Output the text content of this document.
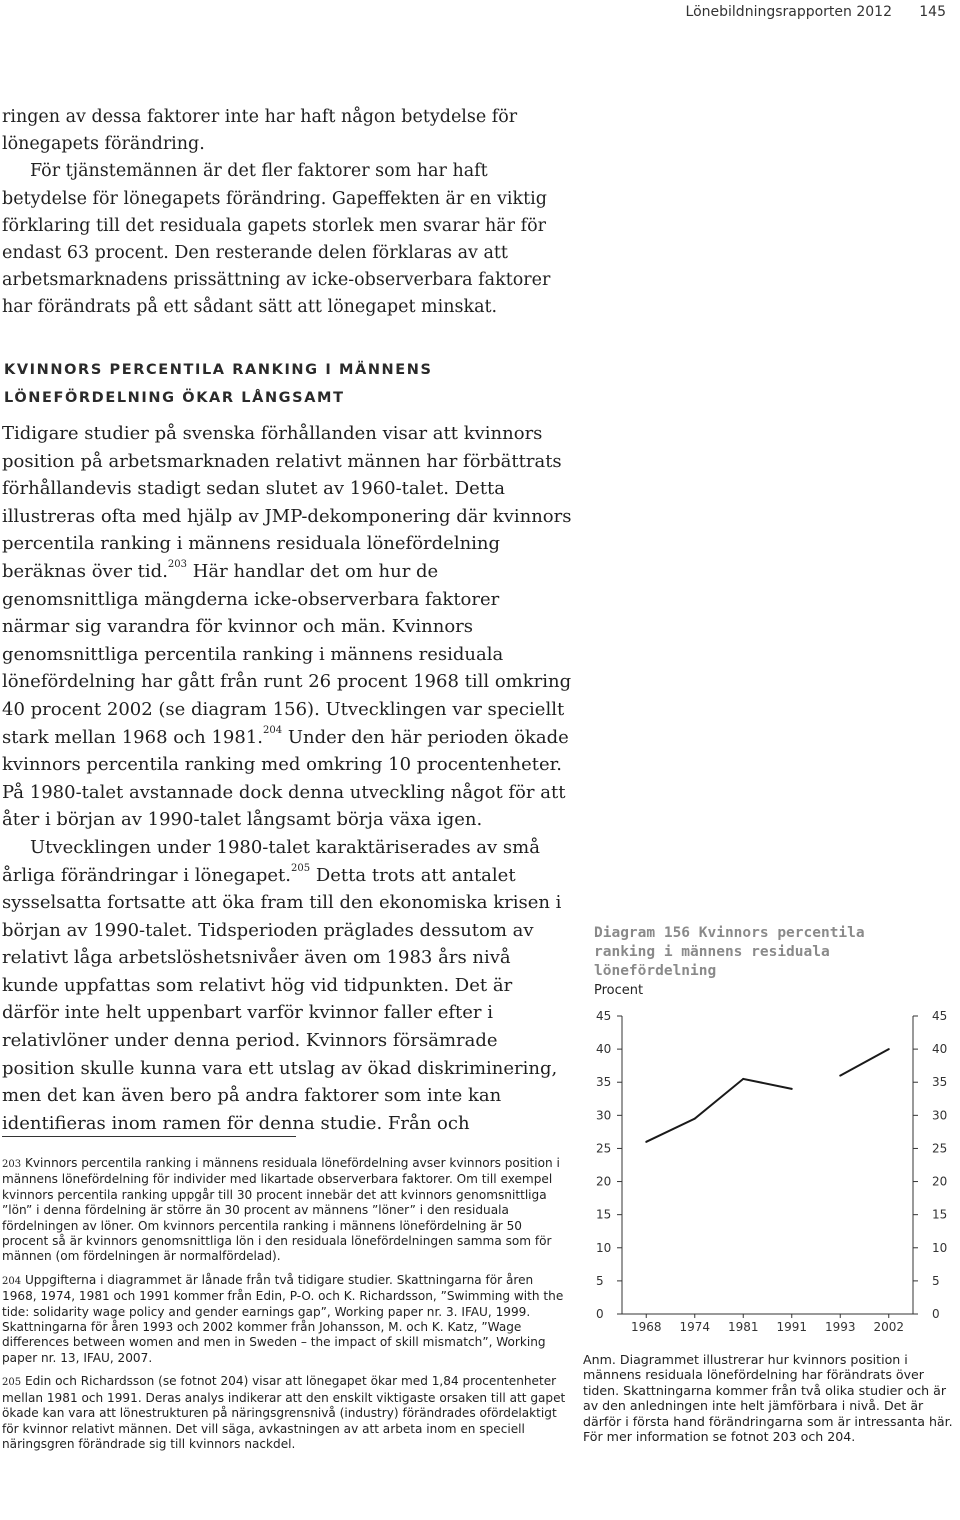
Lönebildningsrapporten 2012 145

ringen av dessa faktorer inte har haft någon betydelse för lönegapets förändring.

För tjänstemännen är det fler faktorer som har haft betydelse för lönegapets förändring. Gapeffekten är en viktig förklaring till det residuala gapets storlek men svarar här för endast 63 procent. Den resterande delen förklaras av att arbetsmarknadens prissättning av icke-observerbara faktorer har förändrats på ett sådant sätt att lönegapet minskat.

KVINNORS PERCENTILA RANKING I MÄNNENS
LÖNEFÖRDELNING ÖKAR LÅNGSAMT

Tidigare studier på svenska förhållanden visar att kvinnors position på arbetsmarknaden relativt männen har förbättrats förhållandevis stadigt sedan slutet av 1960-talet. Detta illustreras ofta med hjälp av JMP-dekomponering där kvinnors percentila ranking i männens residuala lönefördelning beräknas över tid.$^{203}$ Här handlar det om hur de genomsnittliga mängderna icke-observerbara faktorer närmar sig varandra för kvinnor och män. Kvinnors genomsnittliga percentila ranking i männens residuala lönefördelning har gått från runt 26 procent 1968 till omkring 40 procent 2002 (se diagram 156). Utvecklingen var speciellt stark mellan 1968 och 1981.$^{204}$ Under den här perioden ökade kvinnors percentila ranking med omkring 10 procentenheter. På 1980-talet avstannade dock denna utveckling något för att åter i början av 1990-talet långsamt börja växa igen.

Utvecklingen under 1980-talet karaktäriserades av små årliga förändringar i lönegapet.$^{205}$ Detta trots att antalet sysselsatta fortsatte att öka fram till den ekonomiska krisen i början av 1990-talet. Tidsperioden präglades dessutom av relativt låga arbetslöshetsnivåer även om 1983 års nivå kunde uppfattas som relativt hög vid tidpunkten. Det är därför inte helt uppenbart varför kvinnor faller efter i relativlöner under denna period. Kvinnors försämrade position skulle kunna vara ett utslag av ökad diskriminering, men det kan även bero på andra faktorer som inte kan identifieras inom ramen för denna studie. Från och

203 Kvinnors percentila ranking i männens residuala lönefördelning avser kvinnors position i männens lönefördelning för individer med likartade observerbara faktorer. Om till exempel kvinnors percentila ranking uppgår till 30 procent innebär det att kvinnors genomsnittliga ”lön” i denna fördelning är större än 30 procent av männens ”löner” i den residuala fördelningen av löner. Om kvinnors percentila ranking i männens lönefördelning är 50 procent så är kvinnors genomsnittliga lön i den residuala lönefördelningen samma som för männen (om fördelningen är normalfördelad).

204 Uppgifterna i diagrammet är lånade från två tidigare studier. Skattningarna för åren 1968, 1974, 1981 och 1991 kommer från Edin, P-O. och K. Richardsson, ”Swimming with the tide: solidarity wage policy and gender earnings gap”, Working paper nr. 3. IFAU, 1999. Skattningarna för åren 1993 och 2002 kommer från Johansson, M. och K. Katz, ”Wage differences between women and men in Sweden – the impact of skill mismatch”, Working paper nr. 13, IFAU, 2007.

205 Edin och Richardsson (se fotnot 204) visar att lönegapet ökar med 1,84 procentenheter mellan 1981 och 1991. Deras analys indikerar att den enskilt viktigaste orsaken till att gapet ökade kan vara att lönestrukturen på näringsgrensnivå (industry) förändrades ofördelaktigt för kvinnor relativt männen. Det vill säga, avkastningen av att arbeta inom en speciell näringsgren förändrade sig till kvinnors nackdel.

Diagram 156 Kvinnors percentila ranking i männens residuala lönefördelning
Procent
0	0
5	5
10	10
15	15
20	20
25	25
30	30
35	35
40	40
45	45
1968 1974 1981 1991 1993 2002
Anm. Diagrammet illustrerar hur kvinnors position i männens residuala lönefördelning har förändrats över tiden. Skattningarna kommer från två olika studier och är av den anledningen inte helt jämförbara i nivå. Det är därför i första hand förändringarna som är intressanta här. För mer information se fotnot 203 och 204.
